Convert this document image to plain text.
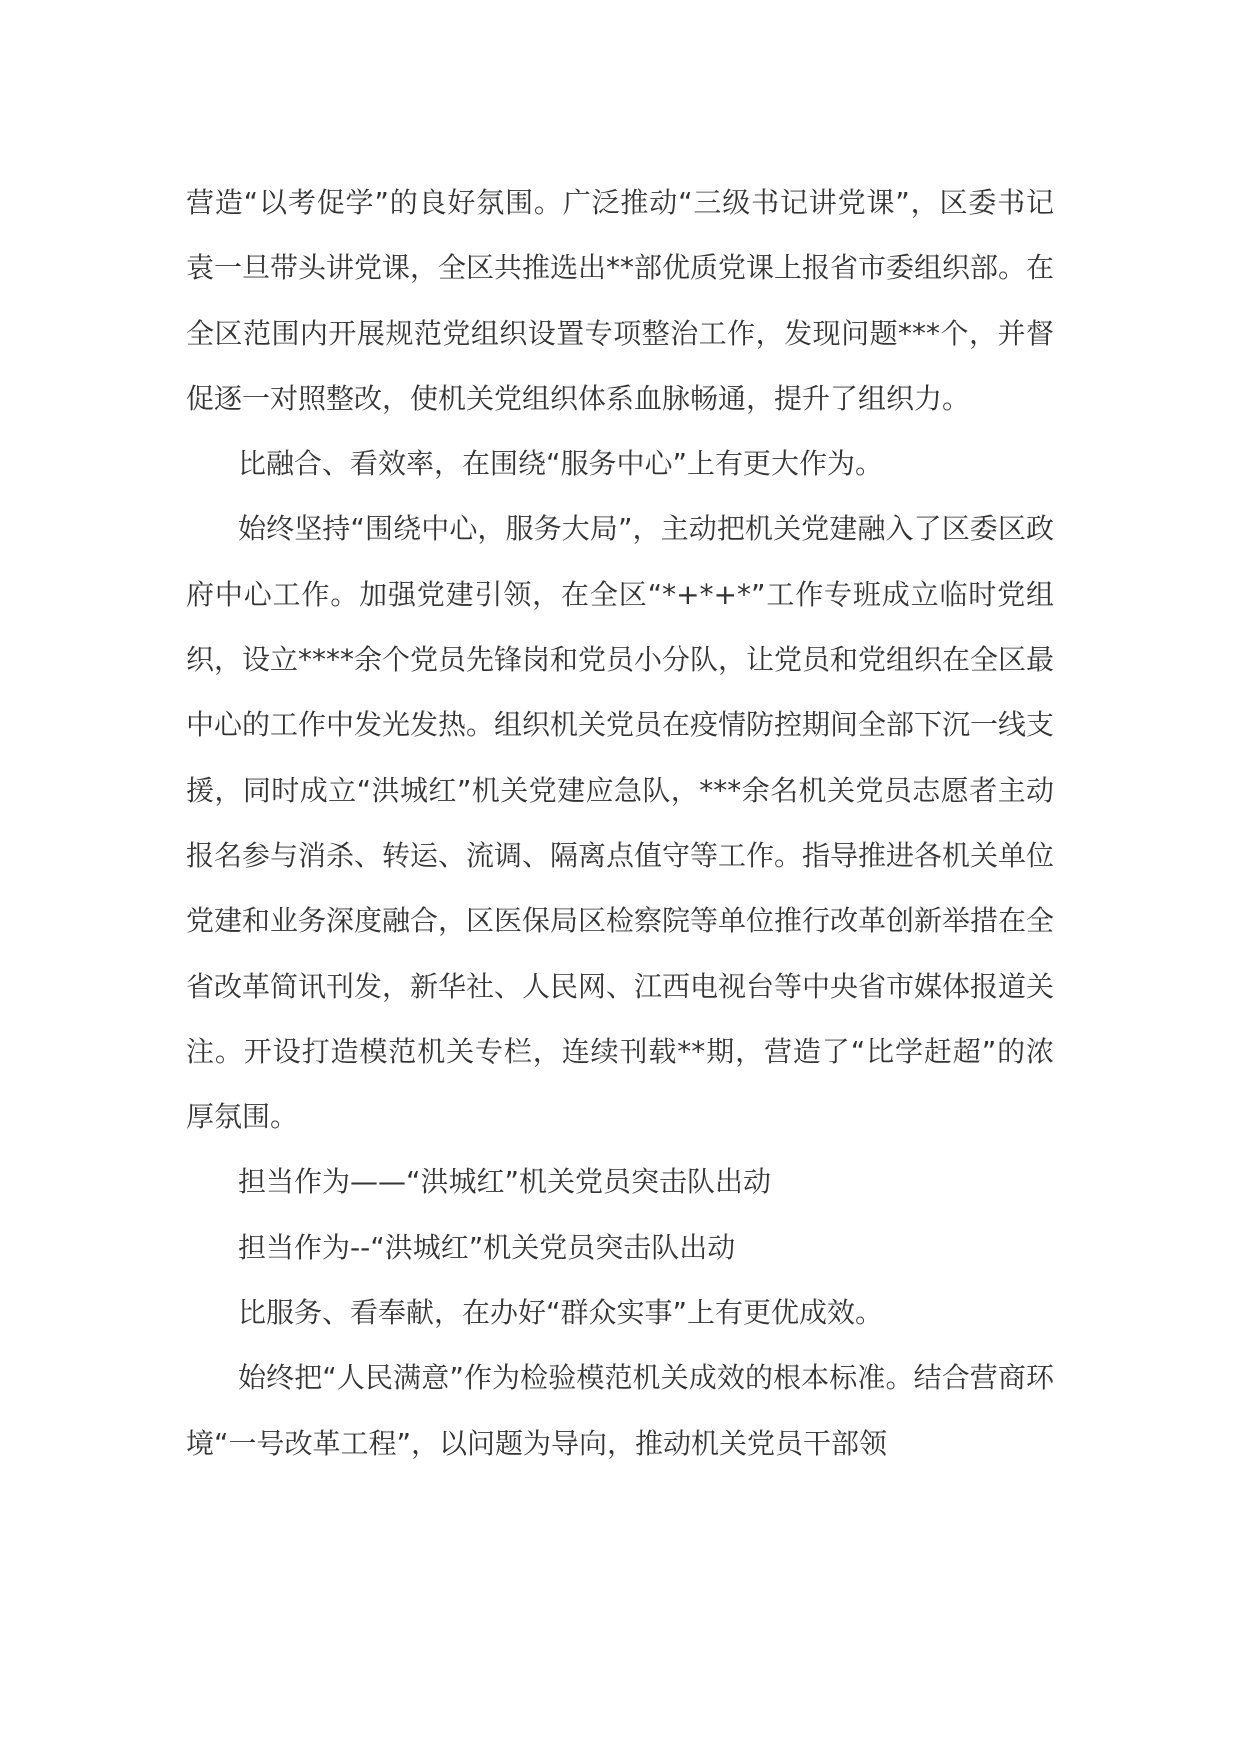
营造“以考促学”的良好氛围。广泛推动“三级书记讲党课”，区委书记袁一旦带头讲党课，全区共推选出**部优质党课上报省市委组织部。在全区范围内开展规范党组织设置专项整治工作，发现问题***个，并督促逐一对照整改，使机关党组织体系血脉畅通，提升了组织力。

比融合、看效率，在围绕“服务中心”上有更大作为。

始终坚持“围绕中心，服务大局”，主动把机关党建融入了区委区政府中心工作。加强党建引领，在全区“*+*+*”工作专班成立临时党组织，设立****余个党员先锋岗和党员小分队，让党员和党组织在全区最中心的工作中发光发热。组织机关党员在疫情防控期间全部下沉一线支援，同时成立“洪城红”机关党建应急队，***余名机关党员志愿者主动报名参与消杀、转运、流调、隔离点值守等工作。指导推进各机关单位党建和业务深度融合，区医保局区检察院等单位推行改革创新举措在全省改革简讯刊发，新华社、人民网、江西电视台等中央省市媒体报道关注。开设打造模范机关专栏，连续刊载**期，营造了“比学赶超”的浓厚氛围。

担当作为——“洪城红”机关党员突击队出动

担当作为--“洪城红”机关党员突击队出动

比服务、看奉献，在办好“群众实事”上有更优成效。

始终把“人民满意”作为检验模范机关成效的根本标准。结合营商环境“一号改革工程”，以问题为导向，推动机关党员干部领
